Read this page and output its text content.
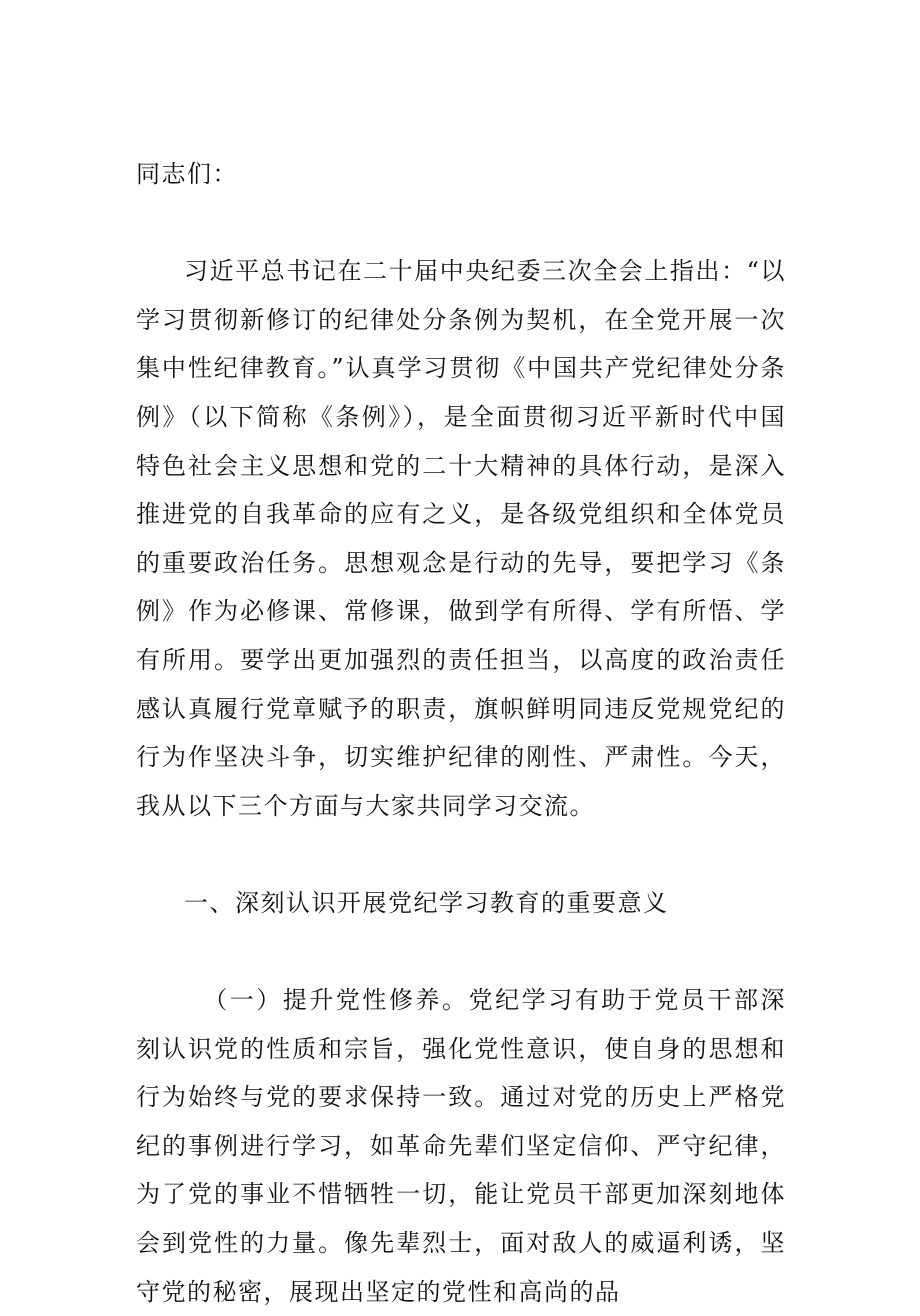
同志们：

习近平总书记在二十届中央纪委三次全会上指出：“以学习贯彻新修订的纪律处分条例为契机，在全党开展一次集中性纪律教育。”认真学习贯彻《中国共产党纪律处分条例》（以下简称《条例》），是全面贯彻习近平新时代中国特色社会主义思想和党的二十大精神的具体行动，是深入推进党的自我革命的应有之义，是各级党组织和全体党员的重要政治任务。思想观念是行动的先导，要把学习《条例》作为必修课、常修课，做到学有所得、学有所悟、学有所用。要学出更加强烈的责任担当，以高度的政治责任感认真履行党章赋予的职责，旗帜鲜明同违反党规党纪的行为作坚决斗争，切实维护纪律的刚性、严肃性。今天，我从以下三个方面与大家共同学习交流。

一、深刻认识开展党纪学习教育的重要意义

（一）提升党性修养。党纪学习有助于党员干部深刻认识党的性质和宗旨，强化党性意识，使自身的思想和行为始终与党的要求保持一致。通过对党的历史上严格党纪的事例进行学习，如革命先辈们坚定信仰、严守纪律，为了党的事业不惜牺牲一切，能让党员干部更加深刻地体会到党性的力量。像先辈烈士，面对敌人的威逼利诱，坚守党的秘密，展现出坚定的党性和高尚的品
